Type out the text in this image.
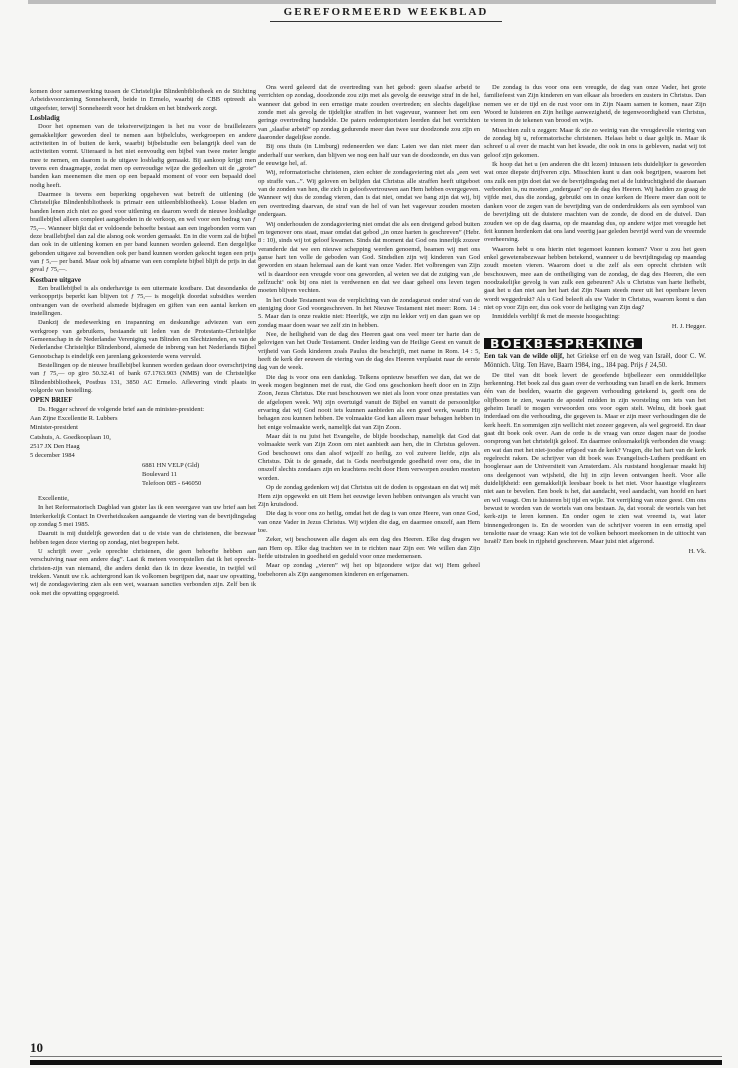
GEREFORMEERD WEEKBLAD

komen door samenwerking tussen de Christelijke Blindenbibliotheek en de Stichting Arbeidsvoorziening Sonneheerdt, beide in Ermelo, waarbij de CBB optreedt als uitgeefster, terwijl Sonneheerdt voor het drukken en het bindwerk zorgt.

Losbladig

Door het opnemen van de tekstverwijzingen is het nu voor de braillelezers gemakkelijker geworden deel te nemen aan bijbelclubs, werkgroepen en andere activiteiten in of buiten de kerk, waarbij bijbelstudie een belangrijk deel van de activiteiten vormt. Uiteraard is het niet eenvoudig een bijbel van twee meter lengte mee te nemen, en daarom is de uitgave losbladig gemaakt. Bij aankoop krijgt men tevens een draagmapje, zodat men op eenvoudige wijze die gedeelten uit de „grote” banden kan meenemen die men op een bepaald moment of voor een bepaald doel nodig heeft.

Daarmee is tevens een beperking opgeheven wat betreft de uitlening (de Christelijke Blindenbibliotheek is primair een uitleenbibliotheek). Losse bladen en banden lenen zich niet zo goed voor uitlening en daarom wordt de nieuwe losbladige braillebijbel alleen compleet aangeboden in de verkoop, en wel voor een bedrag van ƒ 75,—. Wanneer blijkt dat er voldoende behoefte bestaat aan een ingebonden vorm van deze braillebijbel dan zal die alsnog ook worden gemaakt. En in die vorm zal de bijbel dan ook in de uitlening komen en per band kunnen worden geleend. Een dergelijke gebonden uitgave zal bovendien ook per band kunnen worden gekocht tegen een prijs van ƒ 5,— per band. Maar ook bij afname van een complete bijbel blijft de prijs in dat geval ƒ 75,—.

Kostbare uitgave

Een braillebijbel is als onderhavige is een uitermate kostbare. Dat desondanks de verkoopprijs beperkt kan blijven tot ƒ 75,— is mogelijk doordat subsidies werden ontvangen van de overheid alsmede bijdragen en giften van een aantal kerken en instellingen.

Dankzij de medewerking en inspanning en deskundige adviezen van een werkgroep van gebruikers, bestaande uit leden van de Protestants-Christelijke Gemeenschap in de Nederlandse Vereniging van Blinden en Slechtzienden, en van de Nederlandse Christelijke Blindenbond, alsmede de inbreng van het Nederlands Bijbel Genootschap is eindelijk een jarenlang gekoesterde wens vervuld.

Bestellingen op de nieuwe braillebijbel kunnen worden gedaan door overschrijving van ƒ 75,— op giro 50.32.41 of bank 67.1763.903 (NMB) van de Christelijke Blindenbibliotheek, Postbus 131, 3850 AC Ermelo. Aflevering vindt plaats in volgorde van bestelling.

OPEN BRIEF

Ds. Hegger schreef de volgende brief aan de minister-president:

Aan Zijne Excellentie R. Lubbers

Minister-president

Catshuis, A. Goedkooplaan 10,

2517 JX Den Haag

5 december 1984

6881 HN VELP (Gld)

Boulevard 11

Telefoon 085 - 646050

Excellentie,

In het Reformatorisch Dagblad van gister las ik een weergave van uw brief aan het Interkerkelijk Contact In Overheidszaken aangaande de viering van de bevrijdingsdag op zondag 5 mei 1985.

Daaruit is mij duidelijk geworden dat u de visie van de christenen, die bezwaar hebben tegen deze viering op zondag, niet begrepen hebt.

U schrijft over „vele oprechte christenen, die geen behoefte hebben aan verschuiving naar een andere dag”. Laat ik meteen vooropstellen dat ik het oprecht-christen-zijn van niemand, die anders denkt dan ik in deze kwestie, in twijfel wil trekken. Vanuit uw r.k. achtergrond kan ik volkomen begrijpen dat, naar uw opvatting, wij de zondagsviering zien als een wet, waaraan sancties verbonden zijn. Zelf ben ik ook met die opvatting opgegroeid.

Ons werd geleerd dat de overtreding van het gebod: geen slaafse arbeid te verrichten op zondag, doodzonde zou zijn met als gevolg de eeuwige straf in de hel, wanneer dat gebod in een ernstige mate zouden overtreden; en slechts dagelijkse zonde met als gevolg de tijdelijke straffen in het vagevuur, wanneer het om een geringe overtreding handelde. De paters redemptoristen leerden dat het verrichten van „slaafse arbeid” op zondag gedurende meer dan twee uur doodzonde zou zijn en daaronder dagelijkse zonde.

Bij ons thuis (in Limburg) redeneerden we dan: Laten we dan niet meer dan anderhalf uur werken, dan blijven we nog een half uur van de doodzonde, en dus van de eeuwige hel, af.

Wij, reformatorische christenen, zien echter de zondagsviering niet als „een wet op straffe van...”. Wij geloven en belijden dat Christus alle straffen heeft uitgeboet van de zonden van hen, die zich in geloofsvertrouwen aan Hem hebben overgegeven. Wanneer wij dus de zondag vieren, dan is dat niet, omdat we bang zijn dat wij, bij een overtreding daarvan, de straf van de hel of van het vagevuur zouden moeten ondergaan.

Wij onderhouden de zondagsviering niet omdat die als een dreigend gebod buiten en tegenover ons staat, maar omdat dat gebod „in onze harten is geschreven” (Hebr. 8 : 10), sinds wij tot geloof kwamen. Sinds dat moment dat God ons innerlijk zozeer veranderde dat we een nieuwe schepping werden genoemd, beamen wij met ons ganse hart ten volle de geboden van God. Sindsdien zijn wij kinderen van God geworden en staan helemaal aan de kant van onze Vader. Het volbrengen van Zijn wil is daardoor een vreugde voor ons geworden, al weten we dat de zuiging van ‚de zelfzucht‘ ook bij ons niet is verdwenen en dat we daar geheel ons leven tegen moeten blijven vechten.

In het Oude Testament was de verplichting van de zondagsrust onder straf van de steniging door God voorgeschreven. In het Nieuwe Testament niet meer: Rom. 14 : 5. Maar dan is onze reaktie niet: Heerlijk, we zijn nu lekker vrij en dan gaan we op zondag maar doen waar we zelf zin in hebben.

Nee, de heiligheid van de dag des Heeren gaat ons veel meer ter harte dan de gelovigen van het Oude Testament. Onder leiding van de Heilige Geest en vanuit de vrijheid van Gods kinderen zoals Paulus die beschrijft, met name in Rom. 14 : 5, heeft de kerk der eeuwen de viering van de dag des Heeren verplaatst naar de eerste dag van de week.

Die dag is voor ons een dankdag. Telkens opnieuw beseffen we dan, dat we de week mogen beginnen met de rust, die God ons geschonken heeft door en in Zijn Zoon, Jezus Christus. Die rust beschouwen we niet als loon voor onze prestaties van de afgelopen week. Wij zijn overtuigd vanuit de Bijbel en vanuit de persoonlijke ervaring dat wij God nooit iets kunnen aanbieden als een goed werk, waarin Hij behagen zou kunnen hebben. De volmaakte God kan alleen maar behagen hebben in het enige volmaakte werk, namelijk dat van Zijn Zoon.

Maar dát is nu juist het Evangelie, de blijde boodschap, namelijk dat God dat volmaakte werk van Zijn Zoon om niet aanbiedt aan hen, die in Christus geloven. God beschouwt ons dan alsof wijzelf zo heilig, zo vol zuivere liefde, zijn als Christus. Dát is de genade, dat is Gods neerbuigende goedheid over ons, die in onszelf slechts zondaars zijn en krachtens recht door Hem verworpen zouden moeten worden.

Op de zondag gedenken wij dat Christus uit de doden is opgestaan en dat wij mét Hem zijn opgewekt en uit Hem het eeuwige leven hebben ontvangen als vrucht van Zijn kruisdood.

Die dag is voor ons zo heilig, omdat het de dag is van onze Heere, van onze God, van onze Vader in Jezus Christus. Wij wijden die dag, en daarmee onszelf, aan Hem toe.

Zeker, wij beschouwen alle dagen als een dag des Heeren. Elke dag dragen we aan Hem op. Elke dag trachten we in te richten naar Zijn eer. We willen dan Zijn liefde uitstralen in goedheid en geduld voor onze medemensen.

Maar op zondag „vieren” wij het op bijzondere wijze dat wij Hem geheel toebehoren als Zijn aangenomen kinderen en erfgenamen.

De zondag is dus voor ons een vreugde, de dag van onze Vader, het grote familiefeest van Zijn kinderen en van elkaar als broeders en zusters in Christus. Dan nemen we er de tijd en de rust voor om in Zijn Naam samen te komen, naar Zijn Woord te luisteren en Zijn heilige aanwezigheid, de tegenwoordigheid van Christus, te vieren in de tekenen van brood en wijn.

Misschien zult u zeggen: Maar ik zie zo weinig van die vreugdevolle viering van de zondag bij u, reformatorische christenen. Helaas hebt u daar gelijk in. Maar ik schreef u al over de macht van het kwade, die ook in ons is gebleven, nadat wij tot geloof zijn gekomen.

Ik hoop dat het u (en anderen die dit lezen) intussen iets duidelijker is geworden wat onze diepste drijfveren zijn. Misschien kunt u dan ook begrijpen, waarom het ons zulk een pijn doet dat we de bevrijdingsdag met al de luidruchtigheid die daaraan verbonden is, nu moeten „ondergaan” op de dag des Heeren. Wij hadden zo graag de vijfde mei, dus die zondag, gebruikt om in onze kerken de Heere meer dan ooit te danken voor de zegen van de bevrijding van de onderdrukkers als een symbool van de bevrijding uit de duistere machten van de zonde, de dood en de duivel. Dan zouden we op de dag daarna, op de maandag dus, op andere wijze met vreugde het feit kunnen herdenken dat ons land veertig jaar geleden bevrijd werd van de vreemde overheersing.

Waarom hebt u ons hierin niet tegemoet kunnen komen? Voor u zou het geen enkel gewetensbezwaar hebben betekend, wanneer u de bevrijdingsdag op maandag zoudt moeten vieren. Waarom doet u die zelf als een oprecht christen wilt beschouwen, mee aan de ontheiliging van de zondag, de dag des Heeren, die een noodzakelijke gevolg is van zulk een gebeuren? Als u Christus van harte liefhebt, gaat het u dan niet aan het hart dat Zijn Naam steeds meer uit het openbare leven wordt weggedrukt? Als u God beleeft als uw Vader in Christus, waarom komt u dan niet op voor Zijn eer, dus ook voor de heiliging van Zijn dag?

Inmiddels verblijf ik met de meeste hoogachting:

H. J. Hegger.

BOEKBESPREKING

Een tak van de wilde olijf, het Griekse erf en de weg van Israël, door C. W. Mönnich. Uitg. Ten Have, Baarn 1984, ing., 184 pag. Prijs ƒ 24,50.

De titel van dit boek levert de geoefende bijbellezer een onmiddellijke herkenning. Het boek zal dus gaan over de verhouding van Israël en de kerk. Immers één van de beelden, waarin die gegeven verhouding getekend is, geeft ons de olijfboom te zien, waarin de apostel midden in zijn worsteling om iets van het geheim Israël te mogen verwoorden ons voor ogen stelt. Welnu, dit boek gaat inderdaad om die verhouding, die gegeven is. Maar er zijn meer verhoudingen die de kerk heeft. En sommigen zijn wellicht niet zozeer gegeven, als wel gegroeid. En daar gaat dit boek ook over. Aan de orde is de vraag van onze dagen naar de joodse oorsprong van het christelijk geloof. En daarmee onlosmakelijk verbonden die vraag: en wat dan met het niet-joodse erfgoed van de kerk? Vragen, die het hart van de kerk regelrecht raken. De schrijver van dit boek was Evangelisch-Luthers predikant en hoogleraar aan de Universiteit van Amsterdam. Als ruststand hoogleraar maakt hij ons deelgenoot van wijsheid, die hij in zijn leven ontvangen heeft. Voor alle duidelijkheid: een gemakkelijk leesbaar boek is het niet. Voor haastige vluglezers niet aan te bevelen. Een boek is het, dat aandacht, veel aandacht, van hoofd en hart en wil vraagt. Om te luisteren bij tijd en wijle. Tot verrijking van onze geest. Om ons bewust te worden van de wortels van ons bestaan. Ja, dat vooral: de wortels van het kerk-zijn te leren kennen. En onder ogen te zien wat vreemd is, wat later binnengedrongen is. En de woorden van de schrijver voeren in een ernstig spel tenslotte naar de vraag: Kan wie tot de volken behoort meekomen in de uittocht van Israël? Een boek in rijpheid geschreven. Maar juist niet afgerond.

H. Vk.

10
